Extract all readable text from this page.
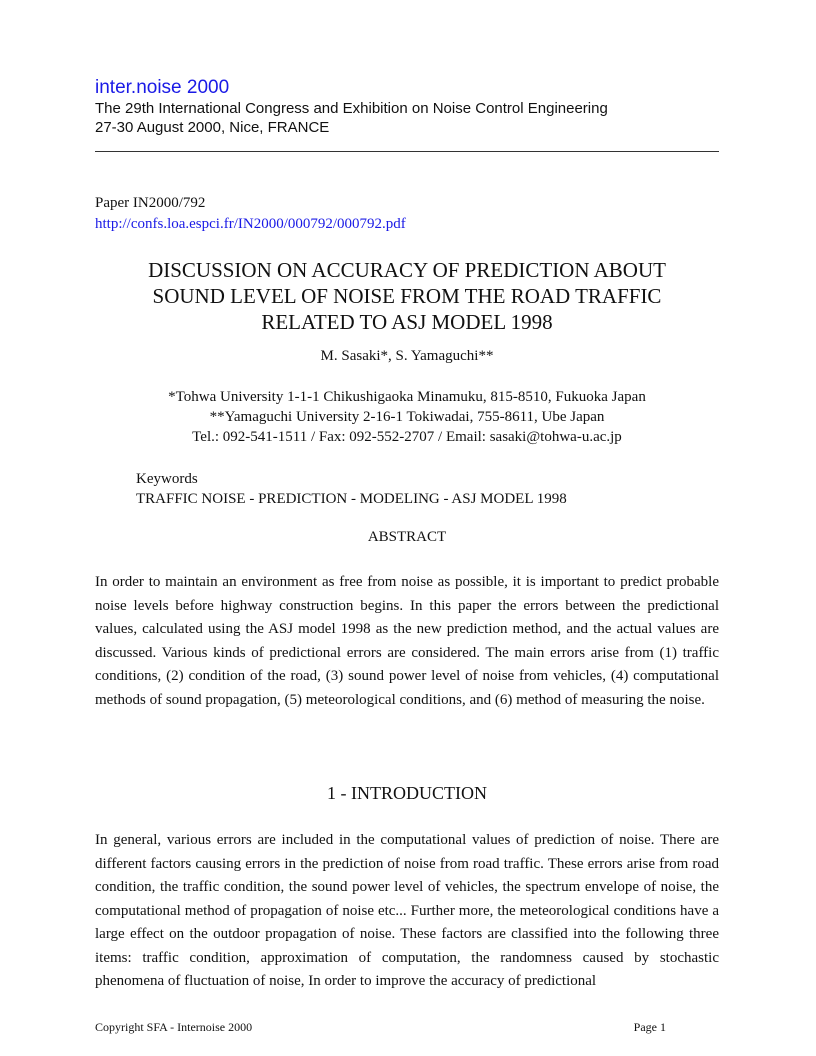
inter.noise 2000
The 29th International Congress and Exhibition on Noise Control Engineering
27-30 August 2000, Nice, FRANCE
Paper IN2000/792
http://confs.loa.espci.fr/IN2000/000792/000792.pdf
DISCUSSION ON ACCURACY OF PREDICTION ABOUT
SOUND LEVEL OF NOISE FROM THE ROAD TRAFFIC
RELATED TO ASJ MODEL 1998
M. Sasaki*, S. Yamaguchi**
*Tohwa University 1-1-1 Chikushigaoka Minamuku, 815-8510, Fukuoka Japan
**Yamaguchi University 2-16-1 Tokiwadai, 755-8611, Ube Japan
Tel.: 092-541-1511 / Fax: 092-552-2707 / Email: sasaki@tohwa-u.ac.jp
Keywords
TRAFFIC NOISE - PREDICTION - MODELING - ASJ MODEL 1998
ABSTRACT
In order to maintain an environment as free from noise as possible, it is important to predict probable noise levels before highway construction begins. In this paper the errors between the predictional values, calculated using the ASJ model 1998 as the new prediction method, and the actual values are discussed. Various kinds of predictional errors are considered. The main errors arise from (1) traffic conditions, (2) condition of the road, (3) sound power level of noise from vehicles, (4) computational methods of sound propagation, (5) meteorological conditions, and (6) method of measuring the noise.
1 - INTRODUCTION
In general, various errors are included in the computational values of prediction of noise. There are different factors causing errors in the prediction of noise from road traffic. These errors arise from road condition, the traffic condition, the sound power level of vehicles, the spectrum envelope of noise, the computational method of propagation of noise etc... Further more, the meteorological conditions have a large effect on the outdoor propagation of noise. These factors are classified into the following three items: traffic condition, approximation of computation, the randomness caused by stochastic phenomena of fluctuation of noise, In order to improve the accuracy of predictional
Copyright SFA - Internoise 2000	Page 1
